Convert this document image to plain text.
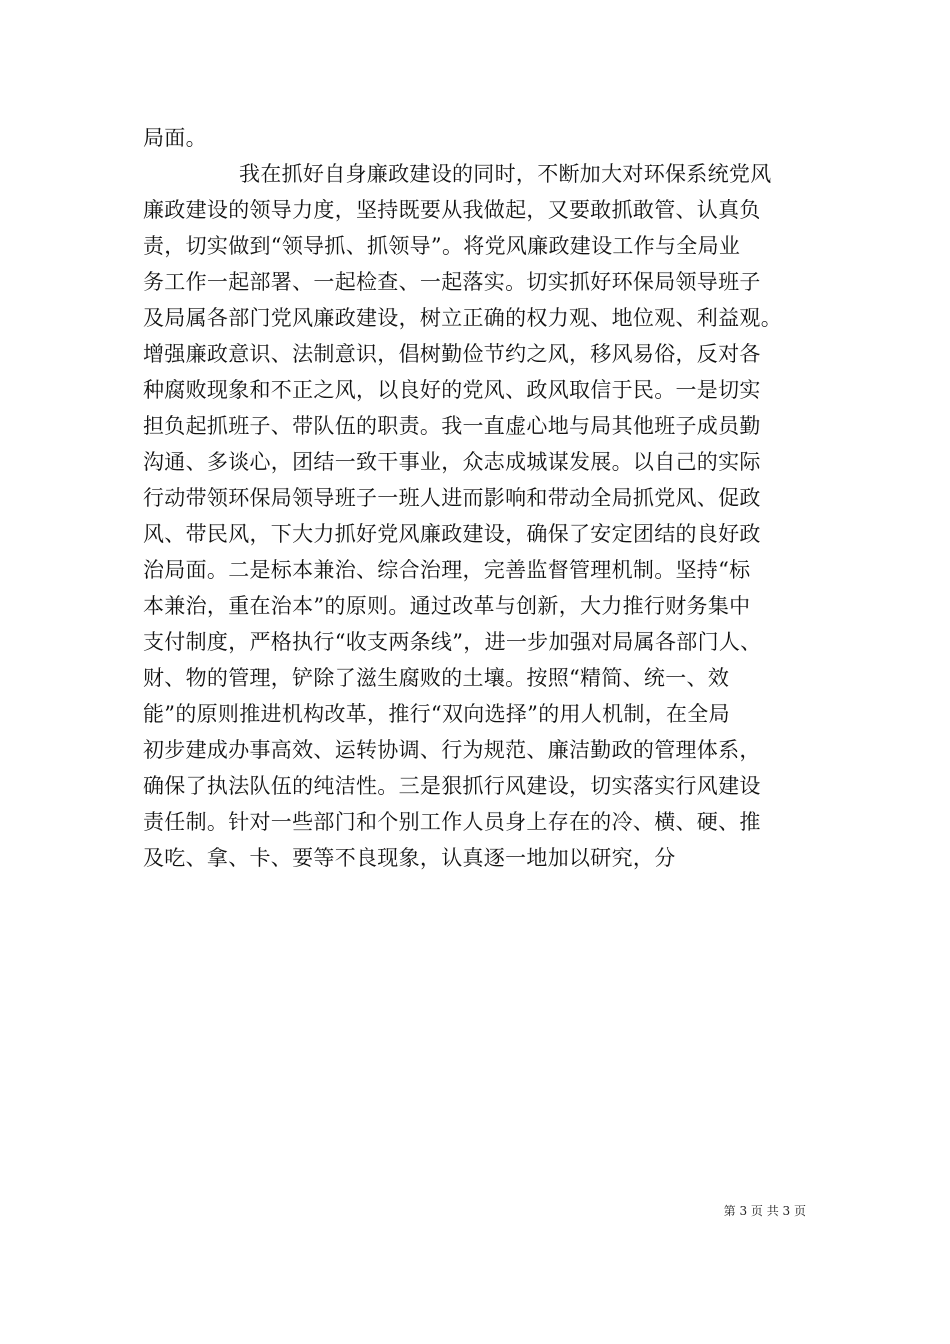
局面。
我在抓好自身廉政建设的同时，不断加大对环保系统党风
廉政建设的领导力度，坚持既要从我做起，又要敢抓敢管、认真负
责，切实做到“领导抓、抓领导”。将党风廉政建设工作与全局业
务工作一起部署、一起检查、一起落实。切实抓好环保局领导班子
及局属各部门党风廉政建设，树立正确的权力观、地位观、利益观。
增强廉政意识、法制意识，倡树勤俭节约之风，移风易俗，反对各
种腐败现象和不正之风，以良好的党风、政风取信于民。一是切实
担负起抓班子、带队伍的职责。我一直虚心地与局其他班子成员勤
沟通、多谈心，团结一致干事业，众志成城谋发展。以自己的实际
行动带领环保局领导班子一班人进而影响和带动全局抓党风、促政
风、带民风，下大力抓好党风廉政建设，确保了安定团结的良好政
治局面。二是标本兼治、综合治理，完善监督管理机制。坚持“标
本兼治，重在治本”的原则。通过改革与创新，大力推行财务集中
支付制度，严格执行“收支两条线”，进一步加强对局属各部门人、
财、物的管理，铲除了滋生腐败的土壤。按照“精简、统一、效
能”的原则推进机构改革，推行“双向选择”的用人机制，在全局
初步建成办事高效、运转协调、行为规范、廉洁勤政的管理体系，
确保了执法队伍的纯洁性。三是狠抓行风建设，切实落实行风建设
责任制。针对一些部门和个别工作人员身上存在的冷、横、硬、推
及吃、拿、卡、要等不良现象，认真逐一地加以研究，分
第 3 页 共 3 页
